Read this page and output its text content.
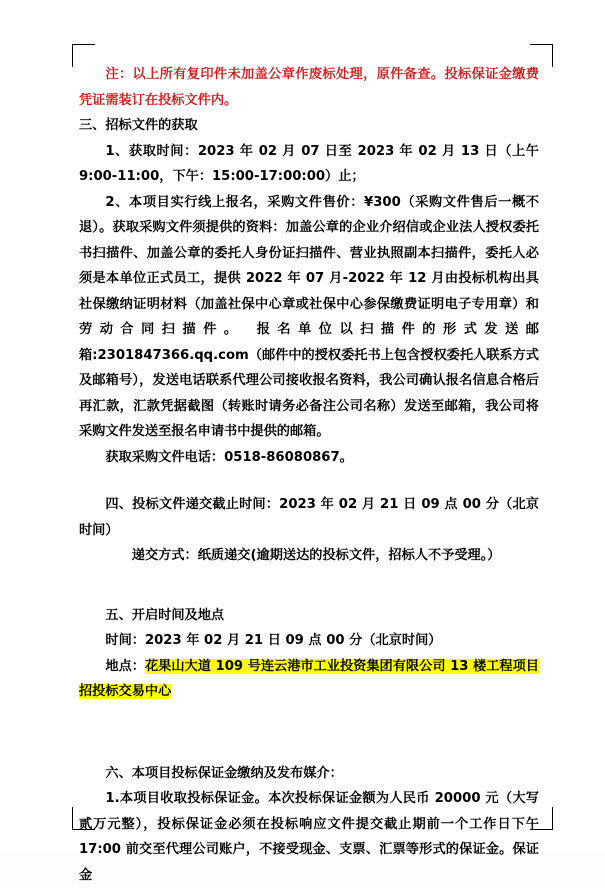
注：以上所有复印件未加盖公章作废标处理，原件备查。投标保证金缴费凭证需装订在投标文件内。

三、招标文件的获取

1、获取时间：2023 年 02 月 07 日至 2023 年 02 月 13 日（上午 9:00-11:00，下午：15:00-17:00:00）止；

2、本项目实行线上报名，采购文件售价：¥300（采购文件售后一概不退）。获取采购文件须提供的资料：加盖公章的企业介绍信或企业法人授权委托书扫描件、加盖公章的委托人身份证扫描件、营业执照副本扫描件，委托人必须是本单位正式员工，提供 2022 年 07 月-2022 年 12 月由投标机构出具社保缴纳证明材料（加盖社保中心章或社保中心参保缴费证明电子专用章）和劳动合同扫描件。 报名单位以扫描件的形式发送邮箱:2301847366.qq.com（邮件中的授权委托书上包含授权委托人联系方式及邮箱号），发送电话联系代理公司接收报名资料，我公司确认报名信息合格后再汇款，汇款凭据截图（转账时请务必备注公司名称）发送至邮箱，我公司将采购文件发送至报名申请书中提供的邮箱。

获取采购文件电话：0518-86080867。

四、投标文件递交截止时间：2023 年 02 月 21 日 09 点 00 分（北京时间）

递交方式：纸质递交(逾期送达的投标文件，招标人不予受理。）

五、开启时间及地点

时间：2023 年 02 月 21 日 09 点 00 分（北京时间）

地点：花果山大道 109 号连云港市工业投资集团有限公司 13 楼工程项目招投标交易中心

六、本项目投标保证金缴纳及发布媒介：

1.本项目收取投标保证金。本次投标保证金额为人民币 20000 元（大写贰万元整），投标保证金必须在投标响应文件提交截止期前一个工作日下午 17:00 前交至代理公司账户，不接受现金、支票、汇票等形式的保证金。保证金
